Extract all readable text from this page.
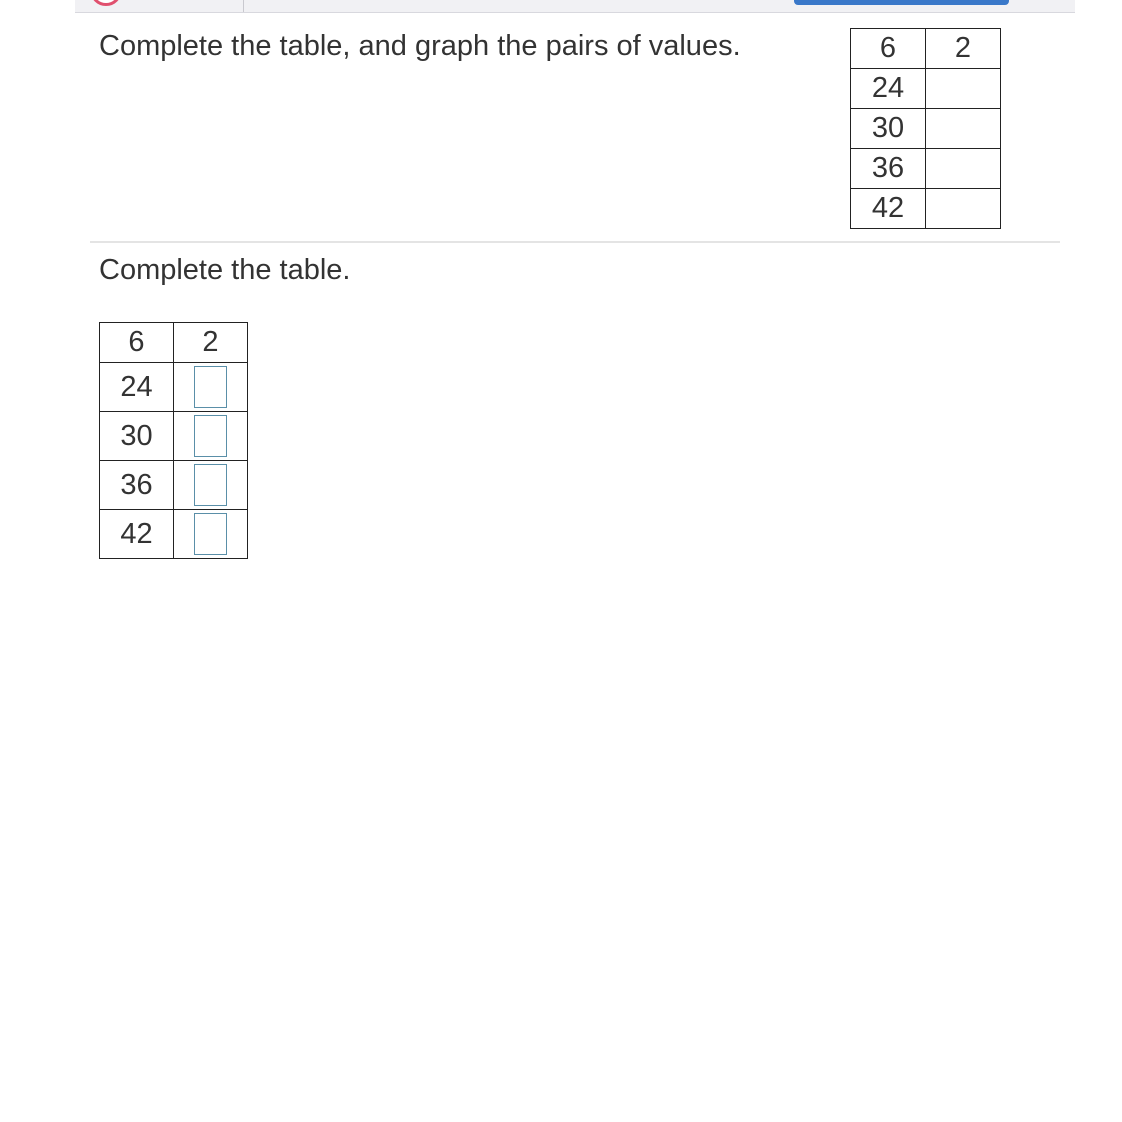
Complete the table, and graph the pairs of values.	6	2
24	
30	
36	
42	
Complete the table.
6	2
24	

30	

36	

42	
